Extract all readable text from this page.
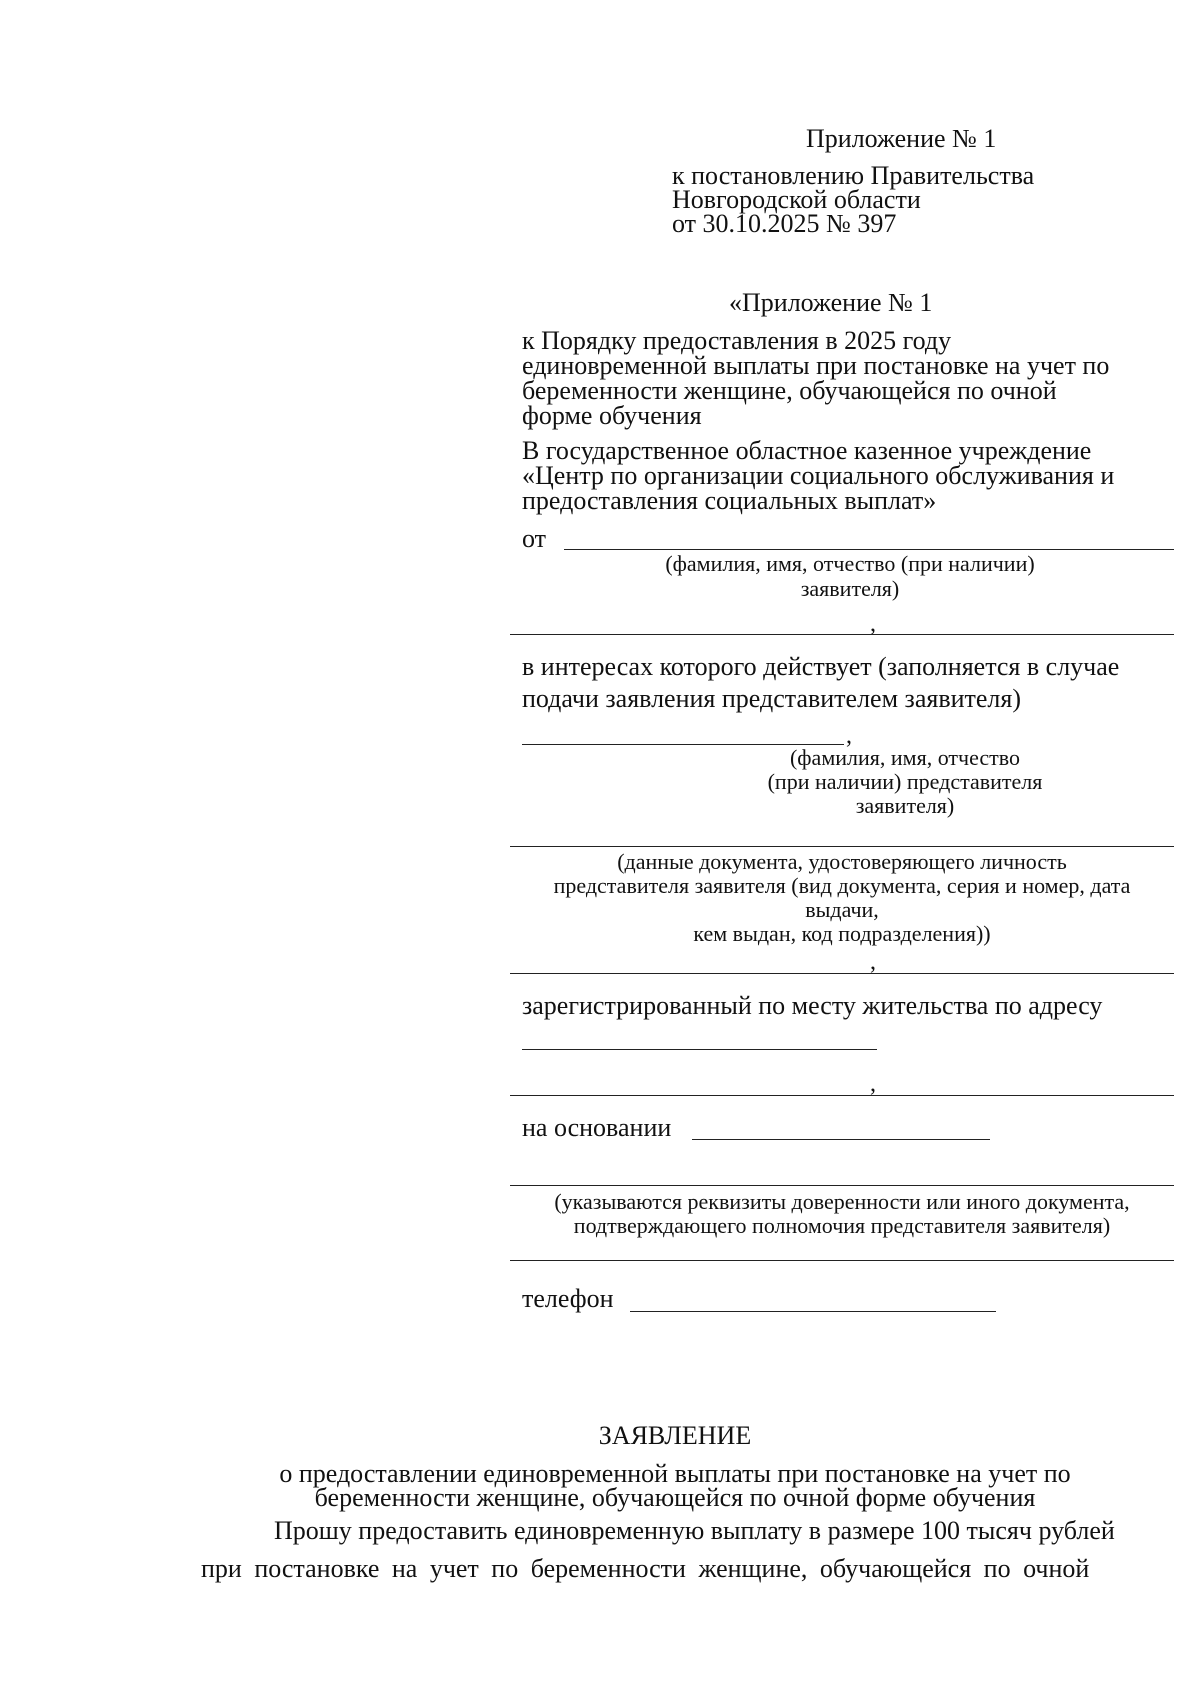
Приложение № 1
к постановлению Правительства
Новгородской области
от 30.10.2025 № 397
«Приложение № 1
к Порядку предоставления в 2025 году
единовременной выплаты при постановке на учет по
беременности женщине, обучающейся по очной
форме обучения
В государственное областное казенное учреждение
«Центр по организации социального обслуживания и
предоставления социальных выплат»
от
(фамилия, имя, отчество (при наличии)
заявителя)
,
в интересах которого действует (заполняется в случае
подачи заявления представителем заявителя)
,
(фамилия, имя, отчество
(при наличии) представителя
заявителя)
(данные документа, удостоверяющего личность
представителя заявителя (вид документа, серия и номер, дата
выдачи,
кем выдан, код подразделения))
,
зарегистрированный по месту жительства по адресу
,
на основании
(указываются реквизиты доверенности или иного документа,
подтверждающего полномочия представителя заявителя)
телефон
ЗАЯВЛЕНИЕ
о предоставлении единовременной выплаты при постановке на учет по
беременности женщине, обучающейся по очной форме обучения
Прошу предоставить единовременную выплату в размере 100 тысяч рублей
при постановке на учет по беременности женщине, обучающейся по очной
